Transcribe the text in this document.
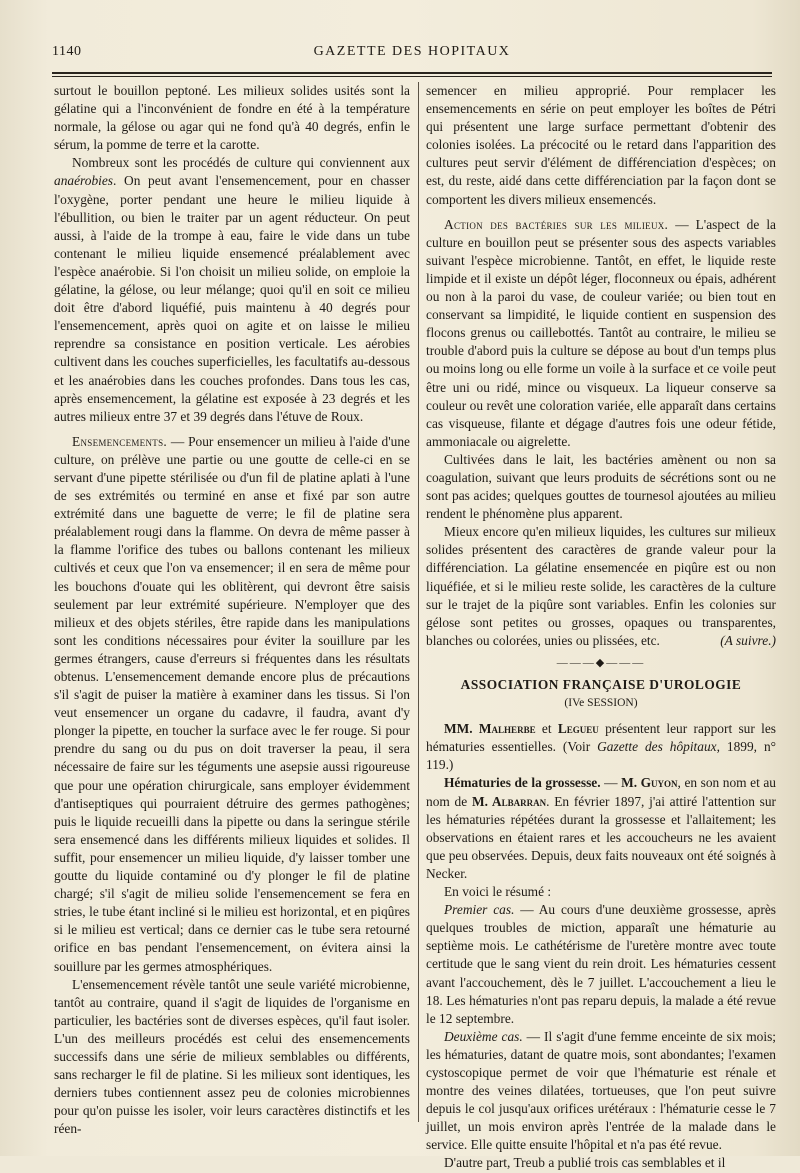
1140	GAZETTE DES HOPITAUX

surtout le bouillon peptoné. Les milieux solides usités sont la gélatine qui a l'inconvénient de fondre en été à la température normale, la gélose ou agar qui ne fond qu'à 40 degrés, enfin le sérum, la pomme de terre et la carotte.

Nombreux sont les procédés de culture qui conviennent aux anaérobies. On peut avant l'ensemencement, pour en chasser l'oxygène, porter pendant une heure le milieu liquide à l'ébullition, ou bien le traiter par un agent réducteur. On peut aussi, à l'aide de la trompe à eau, faire le vide dans un tube contenant le milieu liquide ensemencé préalablement avec l'espèce anaérobie. Si l'on choisit un milieu solide, on emploie la gélatine, la gélose, ou leur mélange; quoi qu'il en soit ce milieu doit être d'abord liquéfié, puis maintenu à 40 degrés pour l'ensemencement, après quoi on agite et on laisse le milieu reprendre sa consistance en position verticale. Les aérobies cultivent dans les couches superficielles, les facultatifs au-dessous et les anaérobies dans les couches profondes. Dans tous les cas, après ensemencement, la gélatine est exposée à 23 degrés et les autres milieux entre 37 et 39 degrés dans l'étuve de Roux.

Ensemencements. — Pour ensemencer un milieu à l'aide d'une culture, on prélève une partie ou une goutte de celle-ci en se servant d'une pipette stérilisée ou d'un fil de platine aplati à l'une de ses extrémités ou terminé en anse et fixé par son autre extrémité dans une baguette de verre; le fil de platine sera préalablement rougi dans la flamme. On devra de même passer à la flamme l'orifice des tubes ou ballons contenant les milieux cultivés et ceux que l'on va ensemencer; il en sera de même pour les bouchons d'ouate qui les oblitèrent, qui devront être saisis seulement par leur extrémité supérieure. N'employer que des milieux et des objets stériles, être rapide dans les manipulations sont les conditions nécessaires pour éviter la souillure par les germes étrangers, cause d'erreurs si fréquentes dans les résultats obtenus. L'ensemencement demande encore plus de précautions s'il s'agit de puiser la matière à examiner dans les tissus. Si l'on veut ensemencer un organe du cadavre, il faudra, avant d'y plonger la pipette, en toucher la surface avec le fer rouge. Si pour prendre du sang ou du pus on doit traverser la peau, il sera nécessaire de faire sur les téguments une asepsie aussi rigoureuse que pour une opération chirurgicale, sans employer évidemment d'antiseptiques qui pourraient détruire des germes pathogènes; puis le liquide recueilli dans la pipette ou dans la seringue stérile sera ensemencé dans les différents milieux liquides et solides. Il suffit, pour ensemencer un milieu liquide, d'y laisser tomber une goutte du liquide contaminé ou d'y plonger le fil de platine chargé; s'il s'agit de milieu solide l'ensemencement se fera en stries, le tube étant incliné si le milieu est horizontal, et en piqûres si le milieu est vertical; dans ce dernier cas le tube sera retourné orifice en bas pendant l'ensemencement, on évitera ainsi la souillure par les germes atmosphériques.

L'ensemencement révèle tantôt une seule variété microbienne, tantôt au contraire, quand il s'agit de liquides de l'organisme en particulier, les bactéries sont de diverses espèces, qu'il faut isoler. L'un des meilleurs procédés est celui des ensemencements successifs dans une série de milieux semblables ou différents, sans recharger le fil de platine. Si les milieux sont identiques, les derniers tubes contiennent assez peu de colonies microbiennes pour qu'on puisse les isoler, voir leurs caractères distinctifs et les réen-

semencer en milieu approprié. Pour remplacer les ensemencements en série on peut employer les boîtes de Pétri qui présentent une large surface permettant d'obtenir des colonies isolées. La précocité ou le retard dans l'apparition des cultures peut servir d'élément de différenciation d'espèces; on est, du reste, aidé dans cette différenciation par la façon dont se comportent les divers milieux ensemencés.

Action des bactéries sur les milieux. — L'aspect de la culture en bouillon peut se présenter sous des aspects variables suivant l'espèce microbienne. Tantôt, en effet, le liquide reste limpide et il existe un dépôt léger, floconneux ou épais, adhérent ou non à la paroi du vase, de couleur variée; ou bien tout en conservant sa limpidité, le liquide contient en suspension des flocons grenus ou caillebottés. Tantôt au contraire, le milieu se trouble d'abord puis la culture se dépose au bout d'un temps plus ou moins long ou elle forme un voile à la surface et ce voile peut être uni ou ridé, mince ou visqueux. La liqueur conserve sa couleur ou revêt une coloration variée, elle apparaît dans certains cas visqueuse, filante et dégage d'autres fois une odeur fétide, ammoniacale ou aigrelette.

Cultivées dans le lait, les bactéries amènent ou non sa coagulation, suivant que leurs produits de sécrétions sont ou ne sont pas acides; quelques gouttes de tournesol ajoutées au milieu rendent le phénomène plus apparent.

Mieux encore qu'en milieux liquides, les cultures sur milieux solides présentent des caractères de grande valeur pour la différenciation. La gélatine ensemencée en piqûre est ou non liquéfiée, et si le milieu reste solide, les caractères de la culture sur le trajet de la piqûre sont variables. Enfin les colonies sur gélose sont petites ou grosses, opaques ou transparentes, blanches ou colorées, unies ou plissées, etc.	(A suivre.)

———◆———
ASSOCIATION FRANÇAISE D'UROLOGIE
(IVe SESSION)

MM. Malherbe et Legueu présentent leur rapport sur les hématuries essentielles. (Voir Gazette des hôpitaux, 1899, n° 119.)

Hématuries de la grossesse. — M. Guyon, en son nom et au nom de M. Albarran. En février 1897, j'ai attiré l'attention sur les hématuries répétées durant la grossesse et l'allaitement; les observations en étaient rares et les accoucheurs ne les avaient que peu observées. Depuis, deux faits nouveaux ont été soignés à Necker.

En voici le résumé :

Premier cas. — Au cours d'une deuxième grossesse, après quelques troubles de miction, apparaît une hématurie au septième mois. Le cathétérisme de l'uretère montre avec toute certitude que le sang vient du rein droit. Les hématuries cessent avant l'accouchement, dès le 7 juillet. L'accouchement a lieu le 18. Les hématuries n'ont pas reparu depuis, la malade a été revue le 12 septembre.

Deuxième cas. — Il s'agit d'une femme enceinte de six mois; les hématuries, datant de quatre mois, sont abondantes; l'examen cystoscopique permet de voir que l'hématurie est rénale et montre des veines dilatées, tortueuses, que l'on peut suivre depuis le col jusqu'aux orifices urétéraux : l'hématurie cesse le 7 juillet, un mois environ après l'entrée de la malade dans le service. Elle quitte ensuite l'hôpital et n'a pas été revue.

D'autre part, Treub a publié trois cas semblables et il
